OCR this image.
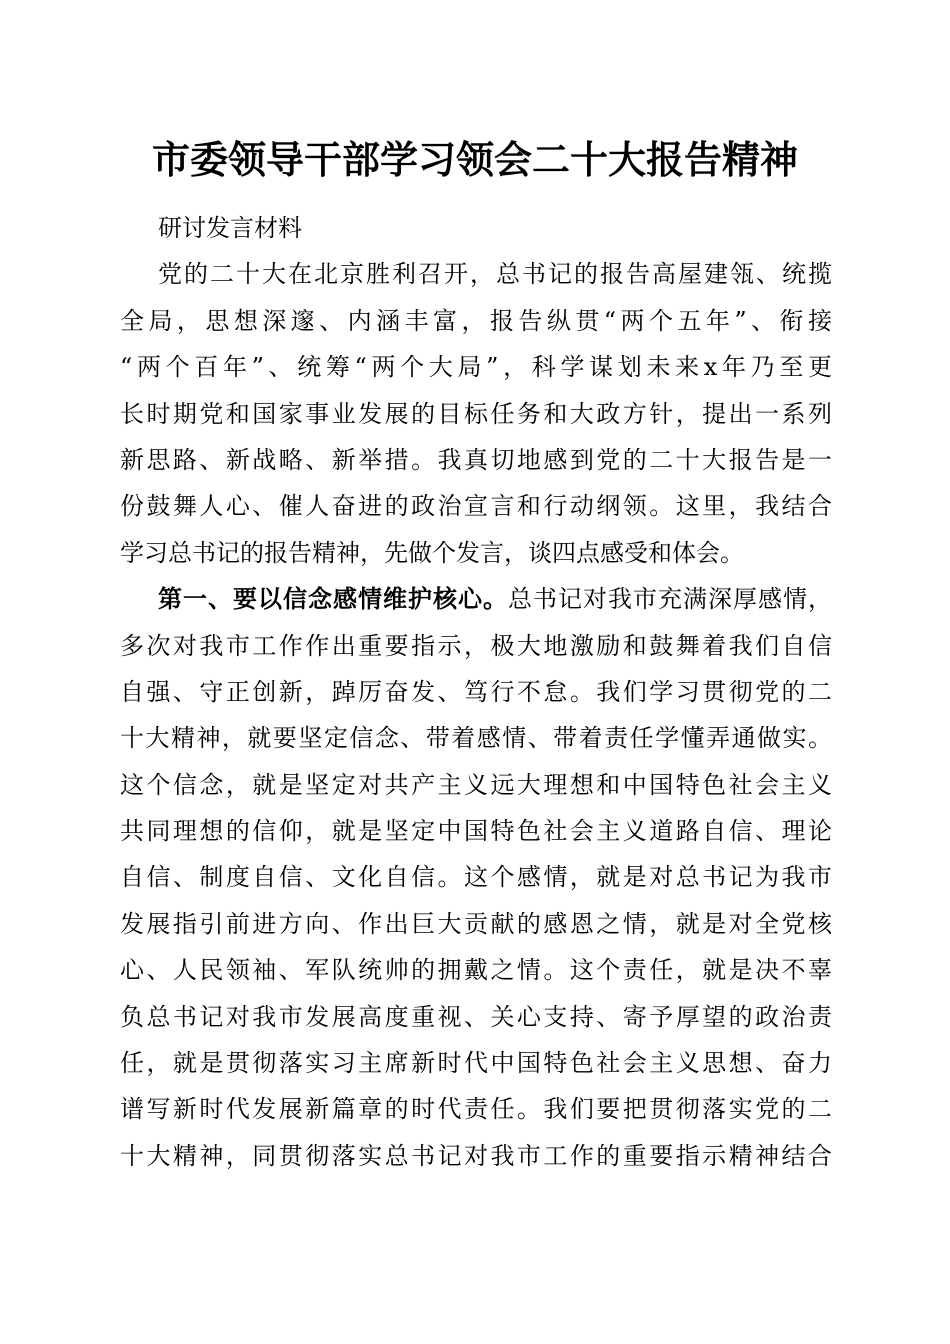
市委领导干部学习领会二十大报告精神
研讨发言材料
党的二十大在北京胜利召开，总书记的报告高屋建瓴、统揽
全局，思想深邃、内涵丰富，报告纵贯“两个五年”、衔接
“两个百年”、统筹“两个大局”，科学谋划未来x年乃至更
长时期党和国家事业发展的目标任务和大政方针，提出一系列
新思路、新战略、新举措。我真切地感到党的二十大报告是一
份鼓舞人心、催人奋进的政治宣言和行动纲领。这里，我结合
学习总书记的报告精神，先做个发言，谈四点感受和体会。
第一、要以信念感情维护核心。总书记对我市充满深厚感情，
多次对我市工作作出重要指示，极大地激励和鼓舞着我们自信
自强、守正创新，踔厉奋发、笃行不怠。我们学习贯彻党的二
十大精神，就要坚定信念、带着感情、带着责任学懂弄通做实。
这个信念，就是坚定对共产主义远大理想和中国特色社会主义
共同理想的信仰，就是坚定中国特色社会主义道路自信、理论
自信、制度自信、文化自信。这个感情，就是对总书记为我市
发展指引前进方向、作出巨大贡献的感恩之情，就是对全党核
心、人民领袖、军队统帅的拥戴之情。这个责任，就是决不辜
负总书记对我市发展高度重视、关心支持、寄予厚望的政治责
任，就是贯彻落实习主席新时代中国特色社会主义思想、奋力
谱写新时代发展新篇章的时代责任。我们要把贯彻落实党的二
十大精神，同贯彻落实总书记对我市工作的重要指示精神结合
